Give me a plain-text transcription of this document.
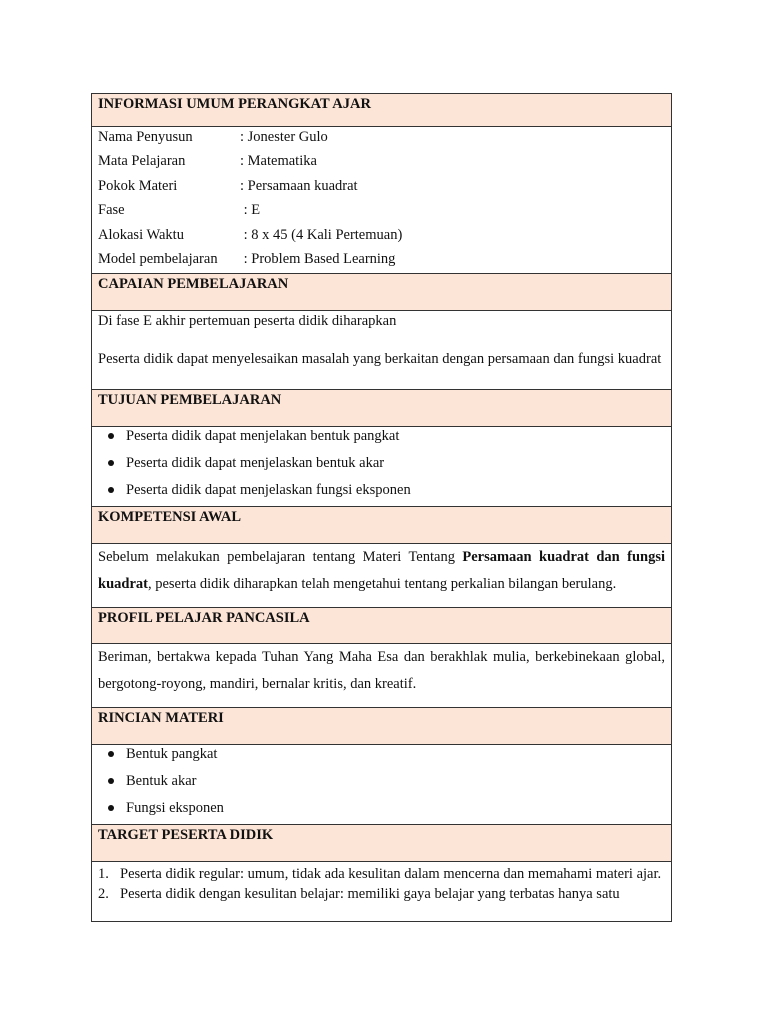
INFORMASI UMUM PERANGKAT AJAR
Nama Penyusun	: Jonester Gulo
Mata Pelajaran	: Matematika
Pokok Materi	: Persamaan kuadrat
Fase	: E
Alokasi Waktu	: 8 x 45 (4 Kali Pertemuan)
Model pembelajaran	: Problem Based Learning
CAPAIAN PEMBELAJARAN

Di fase E akhir pertemuan peserta didik diharapkan

Peserta didik dapat menyelesaikan masalah yang berkaitan dengan persamaan dan fungsi kuadrat

TUJUAN PEMBELAJARAN
Peserta didik dapat menjelakan bentuk pangkat
Peserta didik dapat menjelaskan bentuk akar
Peserta didik dapat menjelaskan fungsi eksponen
KOMPETENSI AWAL

Sebelum melakukan pembelajaran tentang Materi Tentang Persamaan kuadrat dan fungsi kuadrat, peserta didik diharapkan telah mengetahui tentang perkalian bilangan berulang.

PROFIL PELAJAR PANCASILA

Beriman, bertakwa kepada Tuhan Yang Maha Esa dan berakhlak mulia, berkebinekaan global, bergotong-royong, mandiri, bernalar kritis, dan kreatif.

RINCIAN MATERI
Bentuk pangkat
Bentuk akar
Fungsi eksponen
TARGET PESERTA DIDIK
1. Peserta didik regular: umum, tidak ada kesulitan dalam mencerna dan memahami materi ajar.
2. Peserta didik dengan kesulitan belajar: memiliki gaya belajar yang terbatas hanya satu
